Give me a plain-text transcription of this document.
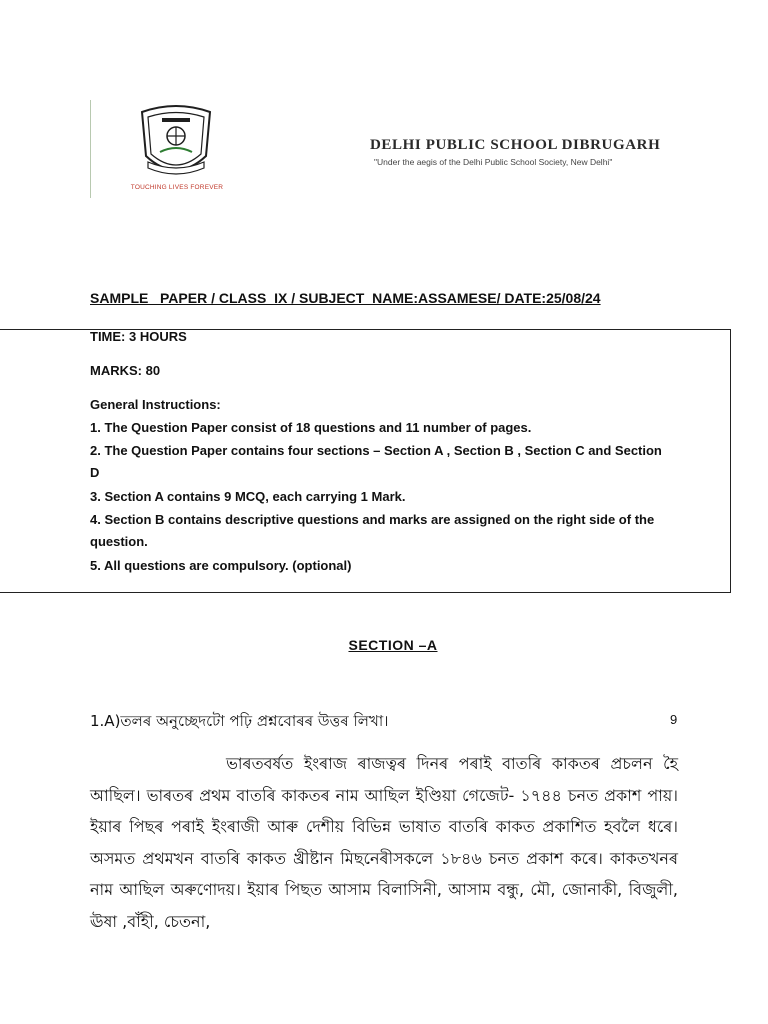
TOUCHING LIVES FOREVER
DELHI PUBLIC SCHOOL DIBRUGARH
"Under the aegis of the Delhi Public School Society, New Delhi"
SAMPLE   PAPER / CLASS  IX / SUBJECT  NAME:ASSAMESE/ DATE:25/08/24
TIME: 3 HOURS
MARKS: 80
General Instructions:
1. The Question Paper consist of 18 questions and 11 number of pages.
2. The Question Paper contains four sections – Section A , Section B , Section C and Section D
3. Section A contains 9 MCQ, each carrying 1 Mark.
4. Section B contains descriptive questions and marks are assigned on the right side of the question.
5. All questions are compulsory. (optional)
SECTION –A
1.A)তলৰ অনুচ্ছেদটো পঢ়ি প্ৰশ্নবোৰৰ উত্তৰ লিখা।	9
ভাৰতবৰ্ষত ইংৰাজ ৰাজত্বৰ দিনৰ পৰাই বাতৰি কাকতৰ প্ৰচলন হৈ আছিল। ভাৰতৰ প্ৰথম বাতৰি কাকতৰ নাম আছিল ইণ্ডিয়া গেজেট- ১৭৪৪ চনত প্ৰকাশ পায়। ইয়াৰ পিছৰ পৰাই ইংৰাজী আৰু দেশীয় বিভিন্ন ভাষাত বাতৰি কাকত প্ৰকাশিত হবলৈ ধৰে।অসমত প্ৰথমখন বাতৰি কাকত খ্ৰীষ্টান মিছনেৰীসকলে ১৮৪৬ চনত প্ৰকাশ কৰে। কাকতখনৰ নাম আছিল অৰুণোদয়। ইয়াৰ পিছত আসাম বিলাসিনী, আসাম বন্ধু, মৌ, জোনাকী, বিজুলী, ঊষা ,বাঁহী, চেতনা,
